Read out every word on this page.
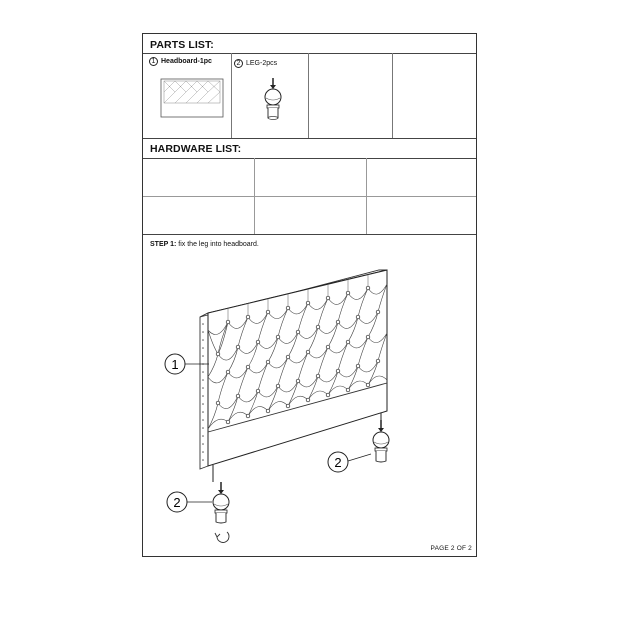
PARTS LIST:
1 Headboard-1pc	2 LEG-2pcs
HARDWARE LIST:
STEP 1: fix the leg into headboard.
1
2
2
PAGE 2 OF 2
